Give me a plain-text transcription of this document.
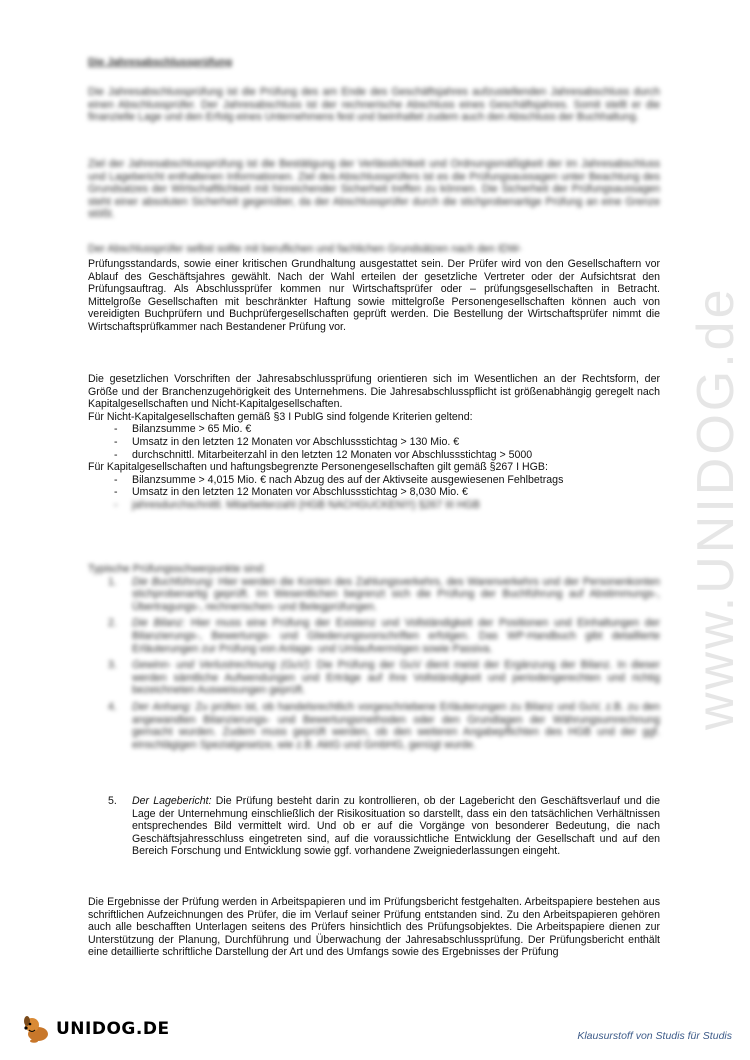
www.UNIDOG.de
Die Jahresabschlussprüfung

Die Jahresabschlussprüfung ist die Prüfung des am Ende des Geschäftsjahres aufzustellenden Jahresabschluss durch einen Abschlussprüfer. Der Jahresabschluss ist der rechnerische Abschluss eines Geschäftsjahres. Somit stellt er die finanzielle Lage und den Erfolg eines Unternehmens fest und beinhaltet zudem auch den Abschluss der Buchhaltung.

Ziel der Jahresabschlussprüfung ist die Bestätigung der Verlässlichkeit und Ordnungsmäßigkeit der im Jahresabschluss und Lagebericht enthaltenen Informationen. Ziel des Abschlussprüfers ist es die Prüfungsaussagen unter Beachtung des Grundsatzes der Wirtschaftlichkeit mit hinreichender Sicherheit treffen zu können. Die Sicherheit der Prüfungsaussagen steht einer absoluten Sicherheit gegenüber, da der Abschlussprüfer durch die stichprobenartige Prüfung an eine Grenze stößt.

Der Abschlussprüfer selbst sollte mit beruflichen und fachlichen Grundsätzen nach den IDW-

Prüfungsstandards, sowie einer kritischen Grundhaltung ausgestattet sein. Der Prüfer wird von den Gesellschaftern vor Ablauf des Geschäftsjahres gewählt. Nach der Wahl erteilen der gesetzliche Vertreter oder der Aufsichtsrat den Prüfungsauftrag. Als Abschlussprüfer kommen nur Wirtschaftsprüfer oder – prüfungsgesellschaften in Betracht. Mittelgroße Gesellschaften mit beschränkter Haftung sowie mittelgroße Personengesellschaften können auch von vereidigten Buchprüfern und Buchprüfergesellschaften geprüft werden. Die Bestellung der Wirtschaftsprüfer nimmt die Wirtschaftsprüfkammer nach Bestandener Prüfung vor.

Die gesetzlichen Vorschriften der Jahresabschlussprüfung orientieren sich im Wesentlichen an der Rechtsform, der Größe und der Branchenzugehörigkeit des Unternehmens. Die Jahresabschlusspflicht ist größenabhängig geregelt nach Kapitalgesellschaften und Nicht-Kapitalgesellschaften.

Für Nicht-Kapitalgesellschaften gemäß §3 I PublG sind folgende Kriterien geltend:

- Bilanzsumme > 65 Mio. €
- Umsatz in den letzten 12 Monaten vor Abschlussstichtag > 130 Mio. €
- durchschnittl. Mitarbeiterzahl in den letzten 12 Monaten vor Abschlussstichtag > 5000

Für Kapitalgesellschaften und haftungsbegrenzte Personengesellschaften gilt gemäß §267 I HGB:

- Bilanzsumme > 4,015 Mio. € nach Abzug des auf der Aktivseite ausgewiesenen Fehlbetrags
- Umsatz in den letzten 12 Monaten vor Abschlussstichtag > 8,030 Mio. €
- jahresdurchschnittl. Mitarbeiterzahl (HGB NACHGUCKEN!!!) §267 III HGB

Typische Prüfungsschwerpunkte sind:

1. Die Buchführung: Hier werden die Konten des Zahlungsverkehrs, des Warenverkehrs und der Personenkonten stichprobenartig geprüft. Im Wesentlichen begrenzt sich die Prüfung der Buchführung auf Abstimmungs-, Übertragungs-, rechnerischen- und Belegprüfungen.
2. Die Bilanz: Hier muss eine Prüfung der Existenz und Vollständigkeit der Positionen und Einhaltungen der Bilanzierungs-, Bewertungs- und Gliederungsvorschriften erfolgen. Das WP-Handbuch gibt detaillierte Erläuterungen zur Prüfung von Anlage- und Umlaufvermögen sowie Passiva.
3. Gewinn- und Verlustrechnung (GuV): Die Prüfung der GuV dient meist der Ergänzung der Bilanz. In dieser werden sämtliche Aufwendungen und Erträge auf ihre Vollständigkeit und periodengerechten und richtig bezeichneten Ausweisungen geprüft.
4. Der Anhang: Zu prüfen ist, ob handelsrechtlich vorgeschriebene Erläuterungen zu Bilanz und GuV, z.B. zu den angewandten Bilanzierungs- und Bewertungsmethoden oder den Grundlagen der Währungsumrechnung gemacht wurden. Zudem muss geprüft werden, ob den weiteren Angabepflichten des HGB und der ggf. einschlägigen Spezialgesetze, wie z.B. AktG und GmbHG, genügt wurde.
5. Der Lagebericht: Die Prüfung besteht darin zu kontrollieren, ob der Lagebericht den Geschäftsverlauf und die Lage der Unternehmung einschließlich der Risikosituation so darstellt, dass ein den tatsächlichen Verhältnissen entsprechendes Bild vermittelt wird. Und ob er auf die Vorgänge von besonderer Bedeutung, die nach Geschäftsjahresschluss eingetreten sind, auf die voraussichtliche Entwicklung der Gesellschaft und auf den Bereich Forschung und Entwicklung sowie ggf. vorhandene Zweigniederlassungen eingeht.

Die Ergebnisse der Prüfung werden in Arbeitspapieren und im Prüfungsbericht festgehalten. Arbeitspapiere bestehen aus schriftlichen Aufzeichnungen des Prüfer, die im Verlauf seiner Prüfung entstanden sind. Zu den Arbeitspapieren gehören auch alle beschafften Unterlagen seitens des Prüfers hinsichtlich des Prüfungsobjektes. Die Arbeitspapiere dienen zur Unterstützung der Planung, Durchführung und Überwachung der Jahresabschlussprüfung. Der Prüfungsbericht enthält eine detaillierte schriftliche Darstellung der Art und des Umfangs sowie des Ergebnisses der Prüfung

UNIDOG.DE	Klausurstoff von Studis für Studis
